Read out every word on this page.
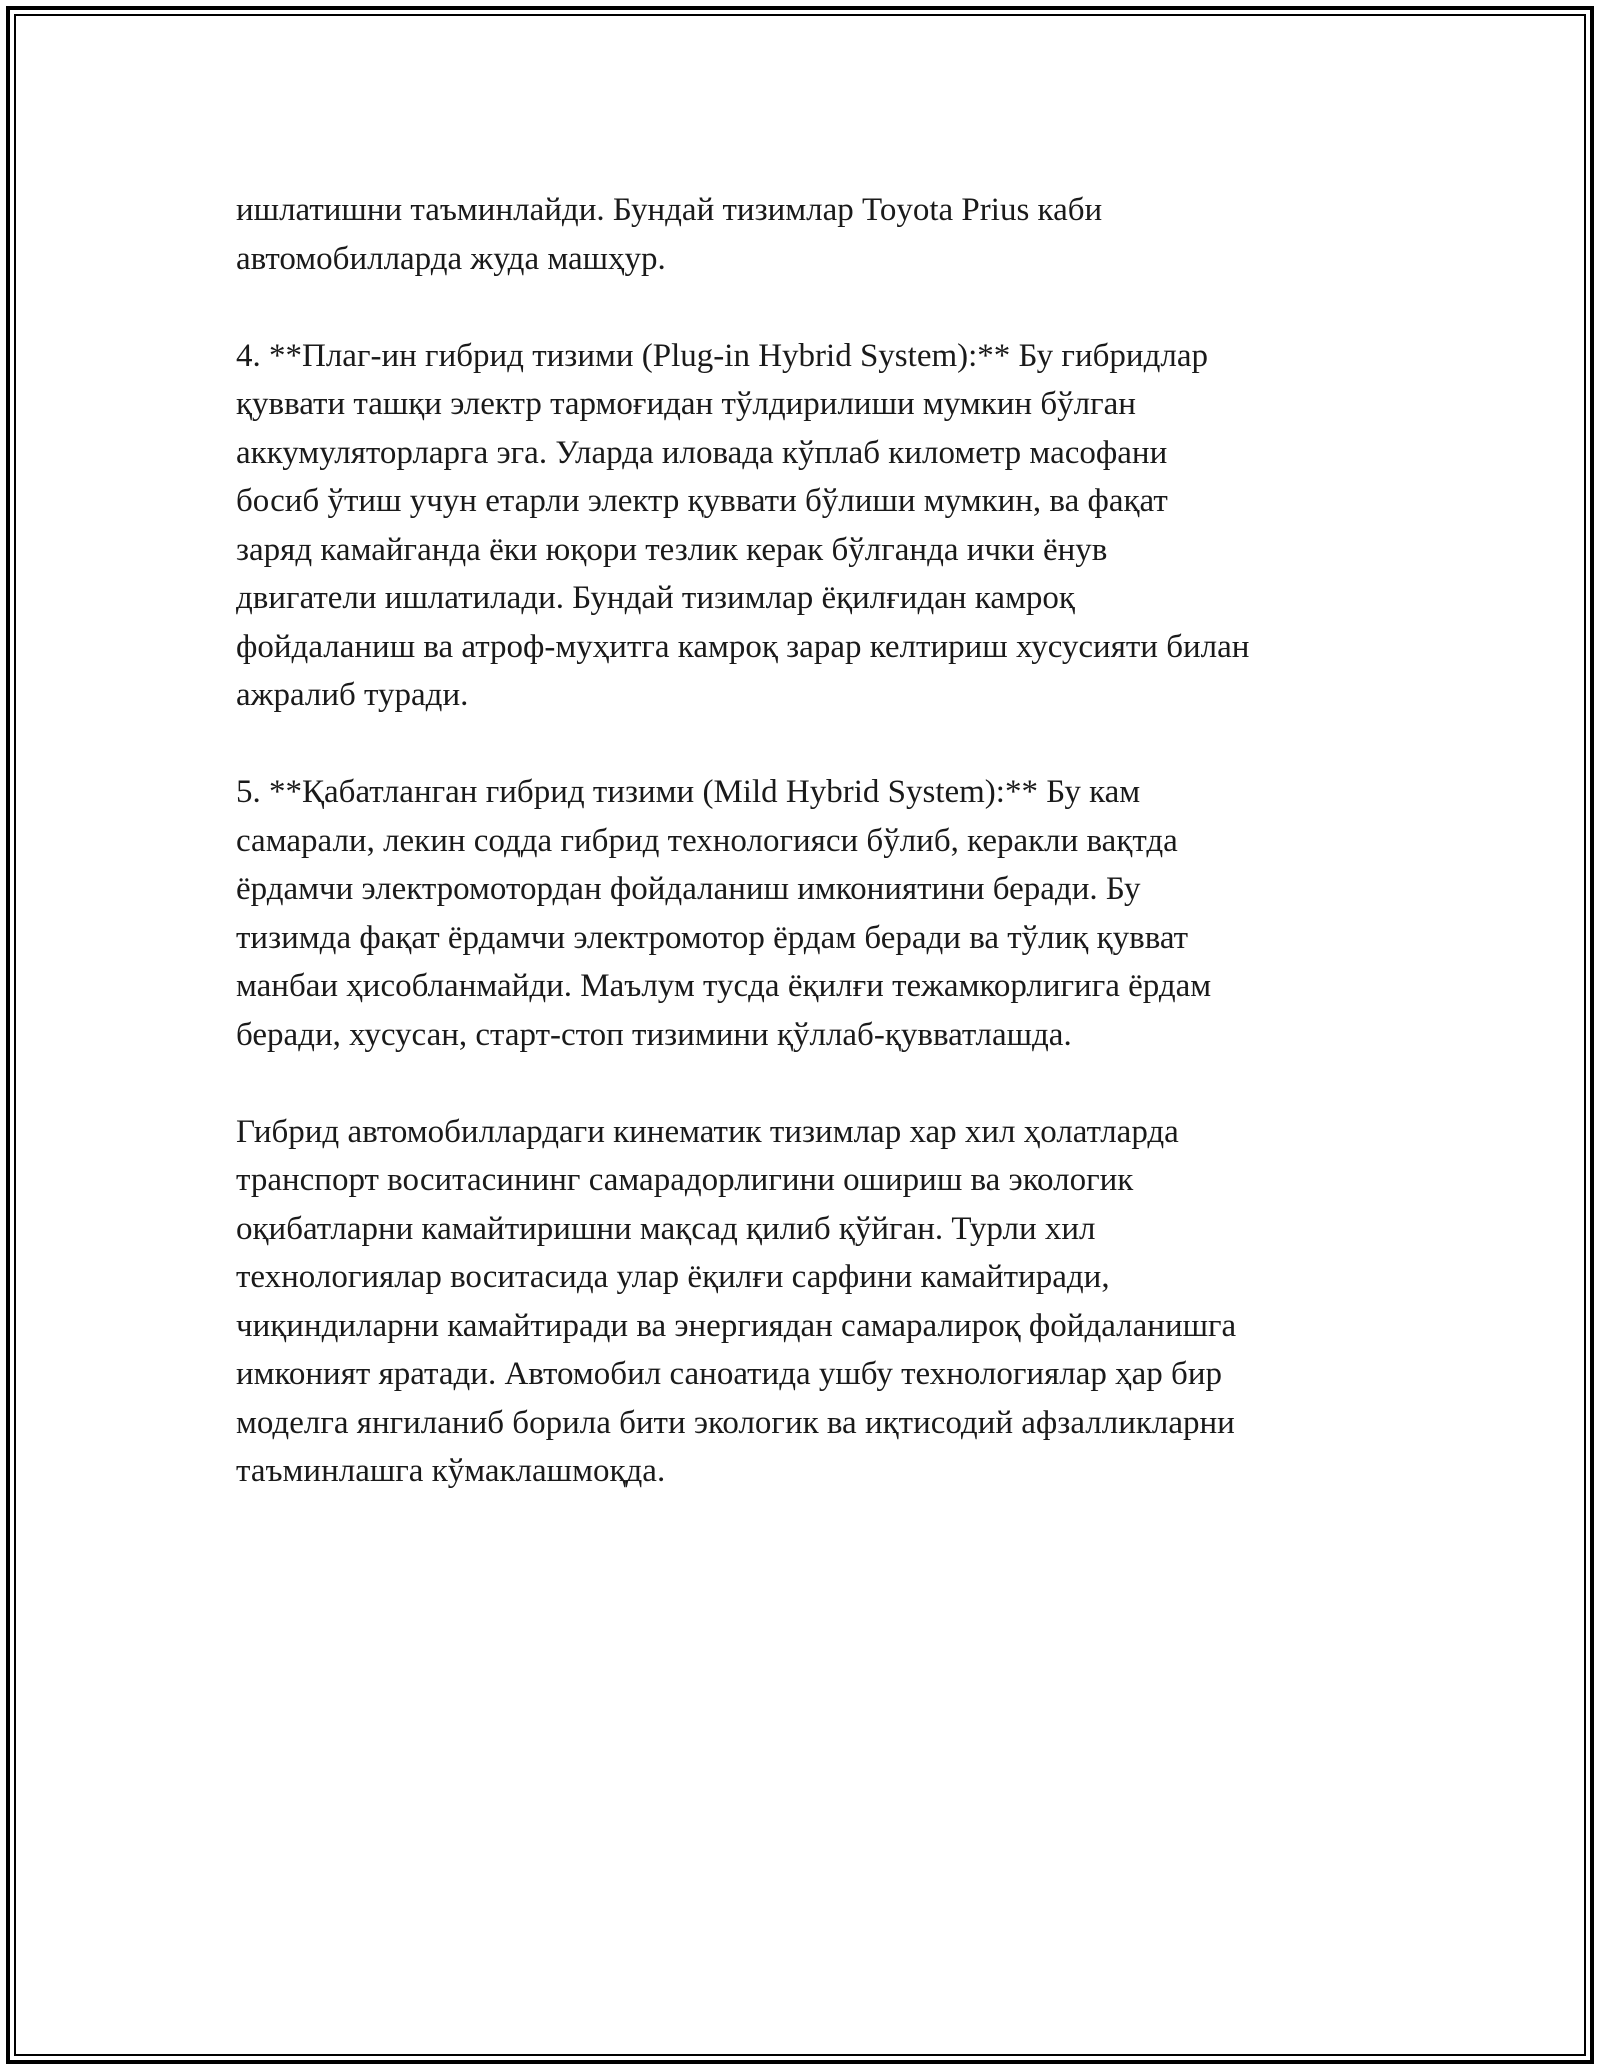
ишлатишни таъминлайди. Бундай тизимлар Toyota Prius каби
автомобилларда жуда машҳур.

4. **Плаг-ин гибрид тизими (Plug-in Hybrid System):** Бу гибридлар
қуввати ташқи электр тармоғидан тўлдирилиши мумкин бўлган
аккумуляторларга эга. Уларда иловада кўплаб километр масофани
босиб ўтиш учун етарли электр қуввати бўлиши мумкин, ва фақат
заряд камайганда ёки юқори тезлик керак бўлганда ички ёнув
двигатели ишлатилади. Бундай тизимлар ёқилғидан камроқ
фойдаланиш ва атроф-муҳитга камроқ зарар келтириш хусусияти билан
ажралиб туради.

5. **Қабатланган гибрид тизими (Mild Hybrid System):** Бу кам
самарали, лекин содда гибрид технологияси бўлиб, керакли вақтда
ёрдамчи электромотордан фойдаланиш имкониятини беради. Бу
тизимда фақат ёрдамчи электромотор ёрдам беради ва тўлиқ қувват
манбаи ҳисобланмайди. Маълум тусда ёқилғи тежамкорлигига ёрдам
беради, хусусан, старт-стоп тизимини қўллаб-қувватлашда.

Гибрид автомобиллардаги кинематик тизимлар хар хил ҳолатларда
транспорт воситасининг самарадорлигини ошириш ва экологик
оқибатларни камайтиришни мақсад қилиб қўйган. Турли хил
технологиялар воситасида улар ёқилғи сарфини камайтиради,
чиқиндиларни камайтиради ва энергиядан самаралироқ фойдаланишга
имконият яратади. Автомобил саноатида ушбу технологиялар ҳар бир
моделга янгиланиб борила бити экологик ва иқтисодий афзалликларни
таъминлашга кўмаклашмоқда.
